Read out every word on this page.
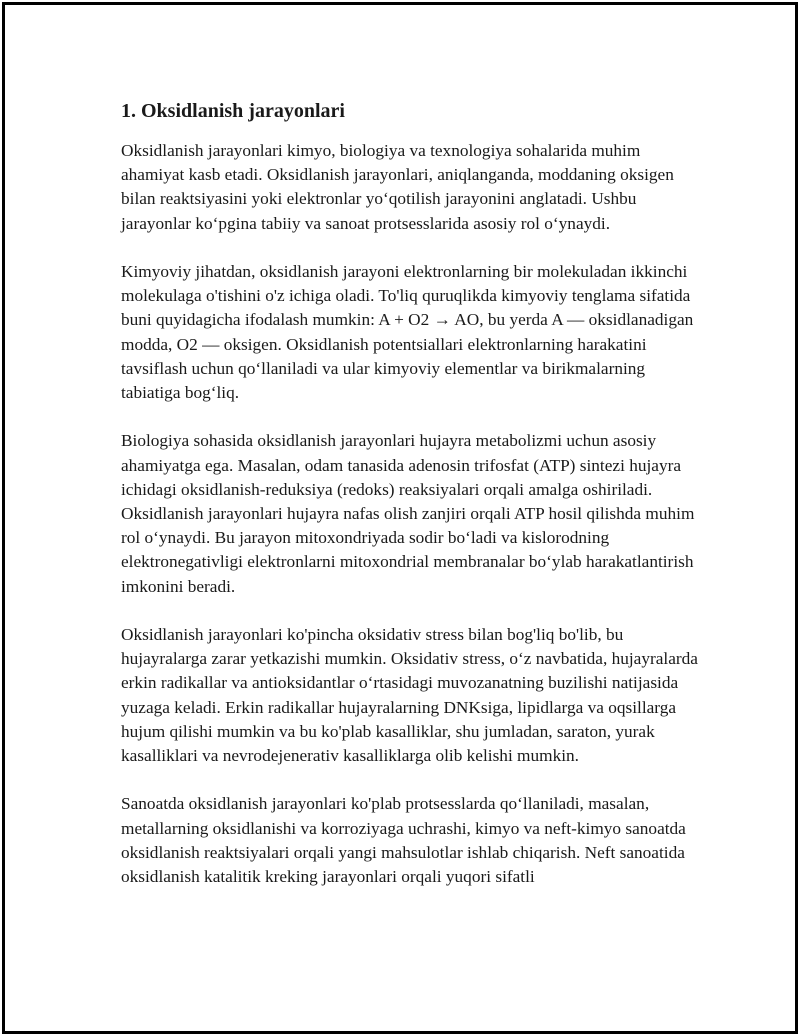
1. Oksidlanish jarayonlari

Oksidlanish jarayonlari kimyo, biologiya va texnologiya sohalarida muhim ahamiyat kasb etadi. Oksidlanish jarayonlari, aniqlanganda, moddaning oksigen bilan reaktsiyasini yoki elektronlar yo‘qotilish jarayonini anglatadi. Ushbu jarayonlar ko‘pgina tabiiy va sanoat protsesslarida asosiy rol o‘ynaydi.

Kimyoviy jihatdan, oksidlanish jarayoni elektronlarning bir molekuladan ikkinchi molekulaga o'tishini o'z ichiga oladi. To'liq quruqlikda kimyoviy tenglama sifatida buni quyidagicha ifodalash mumkin: A + O2 → AO, bu yerda A — oksidlanadigan modda, O2 — oksigen. Oksidlanish potentsiallari elektronlarning harakatini tavsiflash uchun qo‘llaniladi va ular kimyoviy elementlar va birikmalarning tabiatiga bog‘liq.

Biologiya sohasida oksidlanish jarayonlari hujayra metabolizmi uchun asosiy ahamiyatga ega. Masalan, odam tanasida adenosin trifosfat (ATP) sintezi hujayra ichidagi oksidlanish-reduksiya (redoks) reaksiyalari orqali amalga oshiriladi. Oksidlanish jarayonlari hujayra nafas olish zanjiri orqali ATP hosil qilishda muhim rol o‘ynaydi. Bu jarayon mitoxondriyada sodir bo‘ladi va kislorodning elektronegativligi elektronlarni mitoxondrial membranalar bo‘ylab harakatlantirish imkonini beradi.

Oksidlanish jarayonlari ko'pincha oksidativ stress bilan bog'liq bo'lib, bu hujayralarga zarar yetkazishi mumkin. Oksidativ stress, o‘z navbatida, hujayralarda erkin radikallar va antioksidantlar o‘rtasidagi muvozanatning buzilishi natijasida yuzaga keladi. Erkin radikallar hujayralarning DNKsiga, lipidlarga va oqsillarga hujum qilishi mumkin va bu ko'plab kasalliklar, shu jumladan, saraton, yurak kasalliklari va nevrodejenerativ kasalliklarga olib kelishi mumkin.

Sanoatda oksidlanish jarayonlari ko'plab protsesslarda qo‘llaniladi, masalan, metallarning oksidlanishi va korroziyaga uchrashi, kimyo va neft-kimyo sanoatda oksidlanish reaktsiyalari orqali yangi mahsulotlar ishlab chiqarish. Neft sanoatida oksidlanish katalitik kreking jarayonlari orqali yuqori sifatli
